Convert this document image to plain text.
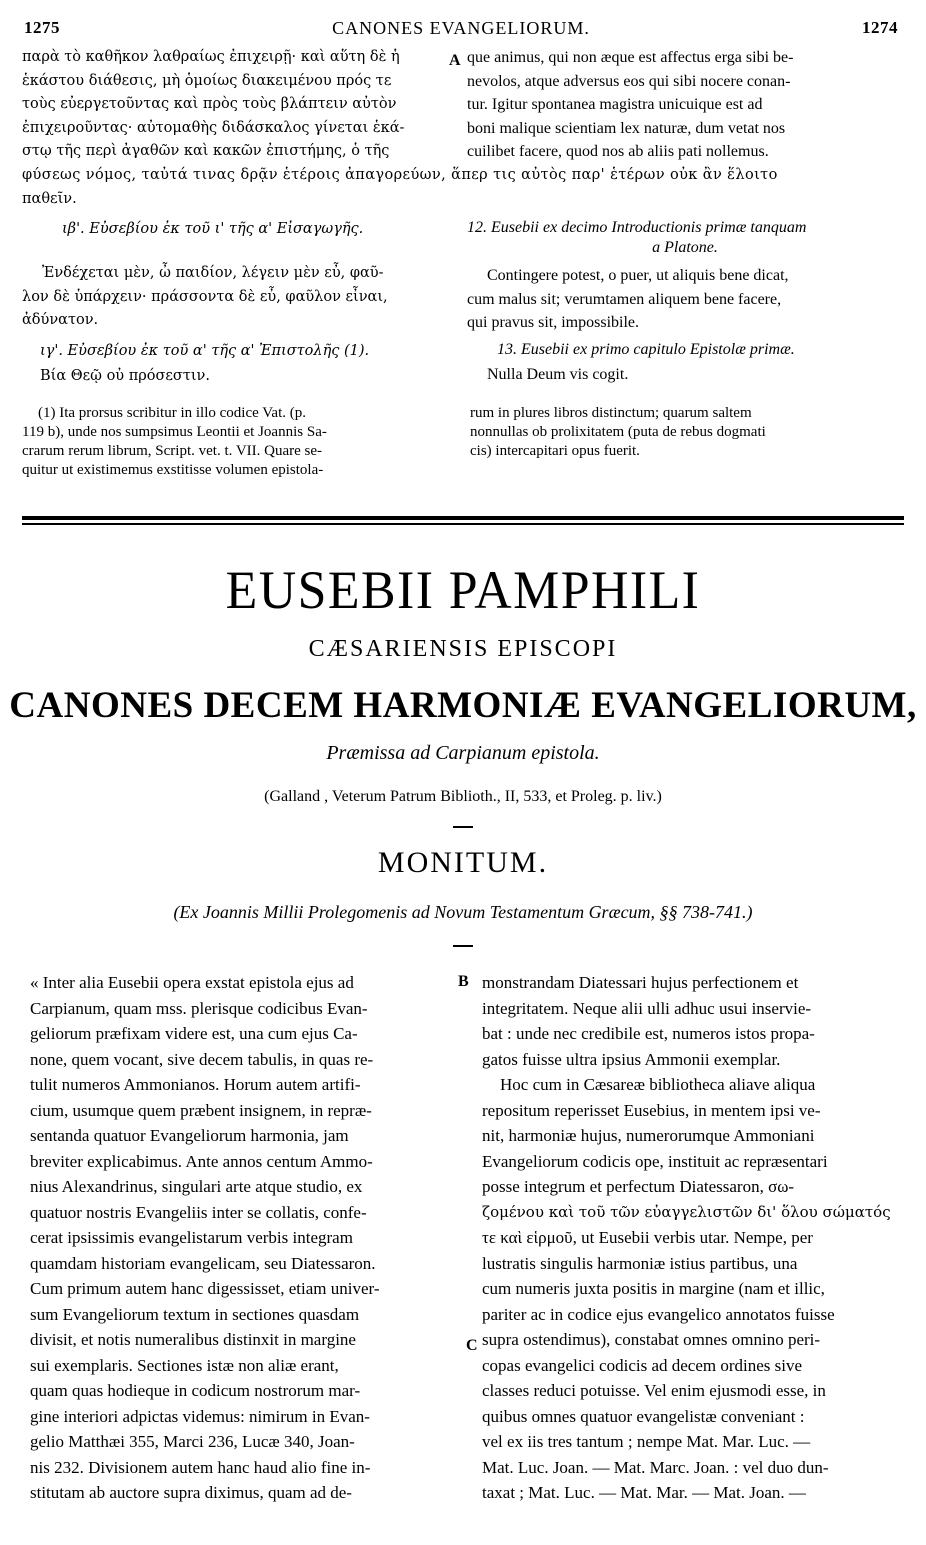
1275	CANONES EVANGELIORUM.	1274

παρὰ τὸ καθῆκον λαθραίως ἐπιχειρῇ· καὶ αὕτη δὲ ἡ

ἑκάστου διάθεσις, μὴ ὁμοίως διακειμένου πρός τε

τοὺς εὐεργετοῦντας καὶ πρὸς τοὺς βλάπτειν αὐτὸν

ἐπιχειροῦντας· αὐτομαθὴς διδάσκαλος γίνεται ἑκά-

στῳ τῆς περὶ ἀγαθῶν καὶ κακῶν ἐπιστήμης, ὁ τῆς

A que animus, qui non æque est affectus erga sibi be-

nevolos, atque adversus eos qui sibi nocere conan-

tur. Igitur spontanea magistra unicuique est ad

boni malique scientiam lex naturæ, dum vetat nos

cuilibet facere, quod nos ab aliis pati nollemus.

φύσεως νόμος, ταὐτά τινας δρᾷν ἑτέροις ἀπαγορεύων, ἅπερ τις αὐτὸς παρ' ἑτέρων οὐκ ἂν ἕλοιτο
παθεῖν.
ιβ'. Εὐσεβίου ἐκ τοῦ ι' τῆς α' Εἰσαγωγῆς.

Ἐνδέχεται μὲν, ὦ παιδίον, λέγειν μὲν εὖ, φαῦ-

λον δὲ ὑπάρχειν· πράσσοντα δὲ εὖ, φαῦλον εἶναι,

ἀδύνατον.

ιγ'. Εὐσεβίου ἐκ τοῦ α' τῆς α' Ἐπιστολῆς (1).
Βία Θεῷ οὐ πρόσεστιν.

12. Eusebii ex decimo Introductionis primæ tanquam

a Platone.

Contingere potest, o puer, ut aliquis bene dicat,

cum malus sit; verumtamen aliquem bene facere,

qui pravus sit, impossibile.

13. Eusebii ex primo capitulo Epistolæ primæ.
Nulla Deum vis cogit.
(1) Ita prorsus scribitur in illo codice Vat. (p.
119 b), unde nos sumpsimus Leontii et Joannis Sa-
crarum rerum librum, Script. vet. t. VII. Quare se-
quitur ut existimemus exstitisse volumen epistola-
rum in plures libros distinctum; quarum saltem
nonnullas ob prolixitatem (puta de rebus dogmati
cis) intercapitari opus fuerit.
EUSEBII PAMPHILI
CÆSARIENSIS EPISCOPI
CANONES DECEM HARMONIÆ EVANGELIORUM,
Præmissa ad Carpianum epistola.
(Galland , Veterum Patrum Biblioth., II, 533, et Proleg. p. liv.)
MONITUM.
(Ex Joannis Millii Prolegomenis ad Novum Testamentum Græcum, §§ 738-741.)

« Inter alia Eusebii opera exstat epistola ejus ad

Carpianum, quam mss. plerisque codicibus Evan-

geliorum præfixam videre est, una cum ejus Ca-

none, quem vocant, sive decem tabulis, in quas re-

tulit numeros Ammonianos. Horum autem artifi-

cium, usumque quem præbent insignem, in repræ-

sentanda quatuor Evangeliorum harmonia, jam

breviter explicabimus. Ante annos centum Ammo-

nius Alexandrinus, singulari arte atque studio, ex

quatuor nostris Evangeliis inter se collatis, confe-

cerat ipsissimis evangelistarum verbis integram

quamdam historiam evangelicam, seu Diatessaron.

Cum primum autem hanc digessisset, etiam univer-

sum Evangeliorum textum in sectiones quasdam

divisit, et notis numeralibus distinxit in margine

sui exemplaris. Sectiones istæ non aliæ erant,

quam quas hodieque in codicum nostrorum mar-

gine interiori adpictas videmus: nimirum in Evan-

gelio Matthæi 355, Marci 236, Lucæ 340, Joan-

nis 232. Divisionem autem hanc haud alio fine in-

stitutam ab auctore supra diximus, quam ad de-

B
C

monstrandam Diatessari hujus perfectionem et

integritatem. Neque alii ulli adhuc usui inservie-

bat : unde nec credibile est, numeros istos propa-

gatos fuisse ultra ipsius Ammonii exemplar.

Hoc cum in Cæsareæ bibliotheca aliave aliqua

repositum reperisset Eusebius, in mentem ipsi ve-

nit, harmoniæ hujus, numerorumque Ammoniani

Evangeliorum codicis ope, instituit ac repræsentari

posse integrum et perfectum Diatessaron, σω-

ζομένου καὶ τοῦ τῶν εὐαγγελιστῶν δι' ὅλου σώματός

τε καὶ εἱρμοῦ, ut Eusebii verbis utar. Nempe, per

lustratis singulis harmoniæ istius partibus, una

cum numeris juxta positis in margine (nam et illic,

pariter ac in codice ejus evangelico annotatos fuisse

supra ostendimus), constabat omnes omnino peri-

copas evangelici codicis ad decem ordines sive

classes reduci potuisse. Vel enim ejusmodi esse, in

quibus omnes quatuor evangelistæ conveniant :

vel ex iis tres tantum ; nempe Mat. Mar. Luc. —

Mat. Luc. Joan. — Mat. Marc. Joan. : vel duo dun-

taxat ; Mat. Luc. — Mat. Mar. — Mat. Joan. —
